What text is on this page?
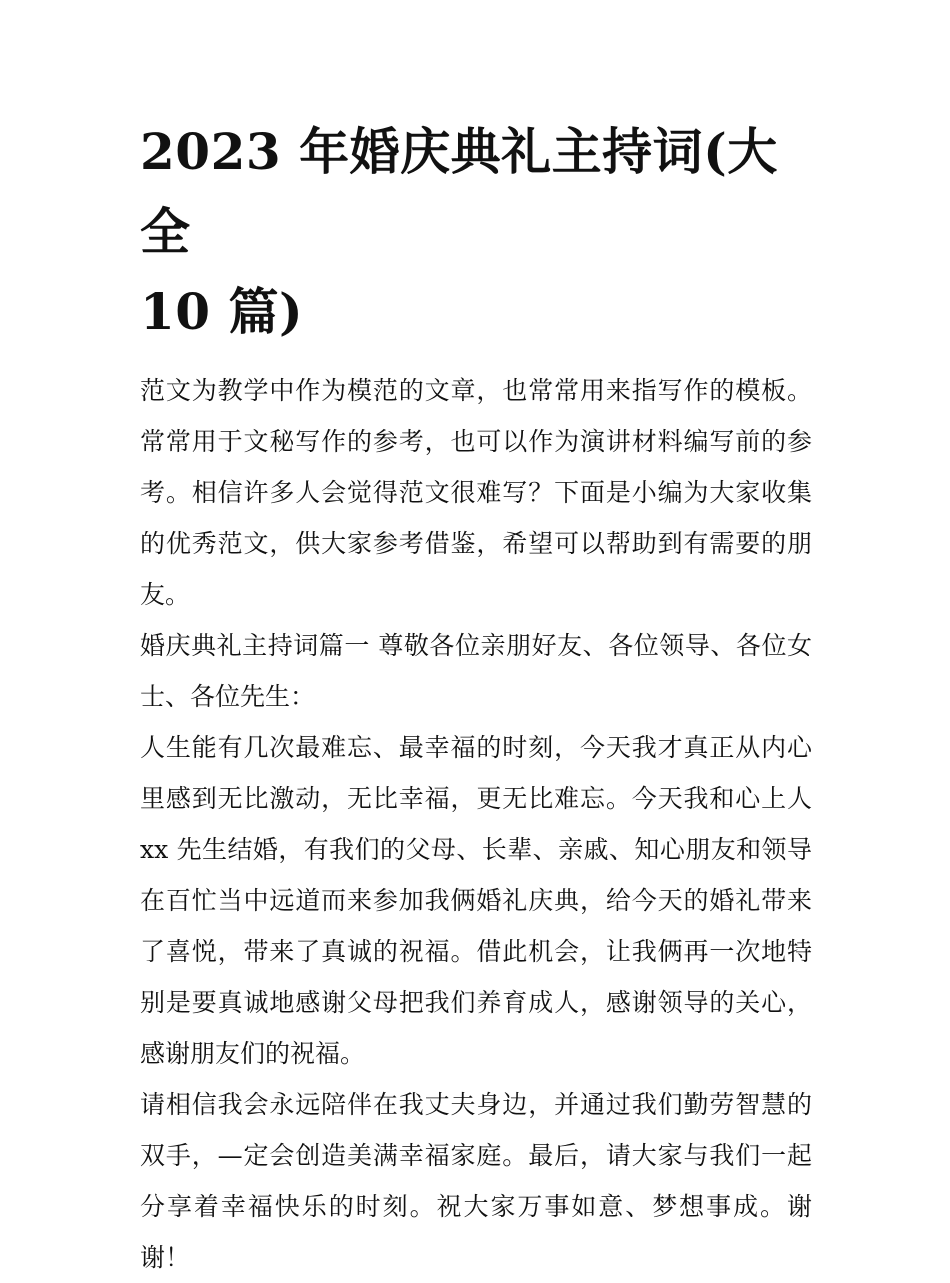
2023 年婚庆典礼主持词(大全
10 篇)

范文为教学中作为模范的文章，也常常用来指写作的模板。常常用于文秘写作的参考，也可以作为演讲材料编写前的参考。相信许多人会觉得范文很难写？下面是小编为大家收集的优秀范文，供大家参考借鉴，希望可以帮助到有需要的朋友。

婚庆典礼主持词篇一 尊敬各位亲朋好友、各位领导、各位女士、各位先生：

人生能有几次最难忘、最幸福的时刻，今天我才真正从内心里感到无比激动，无比幸福，更无比难忘。今天我和心上人 xx 先生结婚，有我们的父母、长辈、亲戚、知心朋友和领导在百忙当中远道而来参加我俩婚礼庆典，给今天的婚礼带来了喜悦，带来了真诚的祝福。借此机会，让我俩再一次地特别是要真诚地感谢父母把我们养育成人，感谢领导的关心，感谢朋友们的祝福。

请相信我会永远陪伴在我丈夫身边，并通过我们勤劳智慧的双手，—定会创造美满幸福家庭。最后，请大家与我们一起分享着幸福快乐的时刻。祝大家万事如意、梦想事成。谢谢！
